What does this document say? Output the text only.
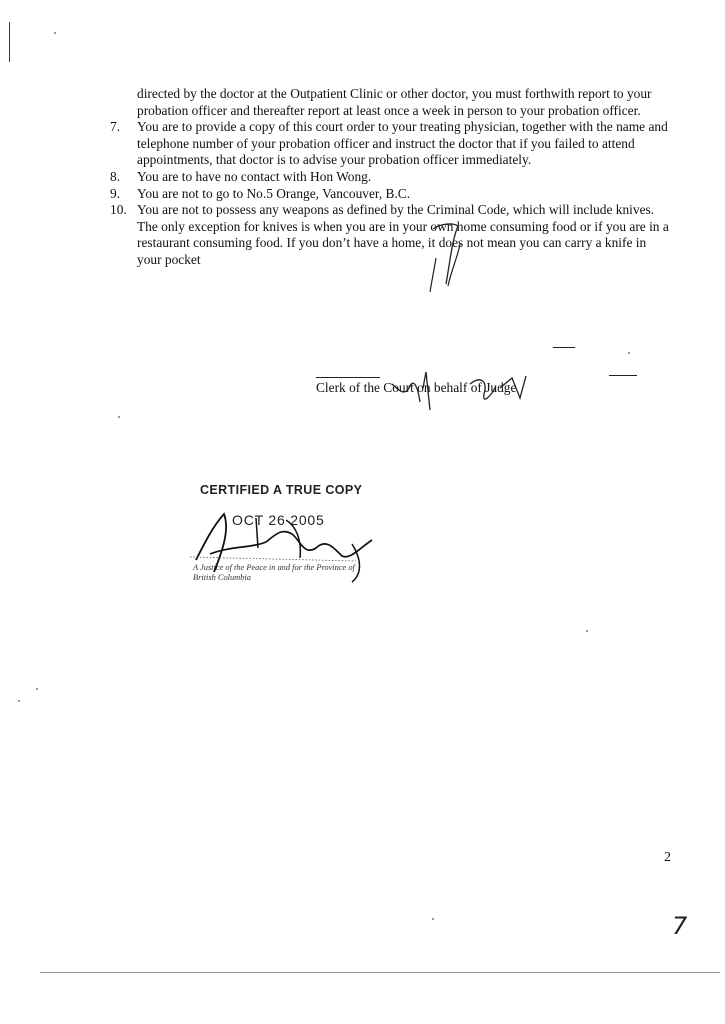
directed by the doctor at the Outpatient Clinic or other doctor, you must forthwith report to your probation officer and thereafter report at least once a week in person to your probation officer.

7.	You are to provide a copy of this court order to your treating physician, together with the name and telephone number of your probation officer and instruct the doctor that if you failed to attend appointments, that doctor is to advise your probation officer immediately.
8.	You are to have no contact with Hon Wong.
9.	You are not to go to No.5 Orange, Vancouver, B.C.
10. You are not to possess any weapons as defined by the Criminal Code, which will include knives. The only exception for knives is when you are in your own home consuming food or if you are in a restaurant consuming food. If you don’t have a home, it does not mean you can carry a knife in your pocket
Clerk of the Court on behalf of Judge
CERTIFIED A TRUE COPY
OCT 26 2005
A Justice of the Peace in and for the Province of British Columbia
2
7
